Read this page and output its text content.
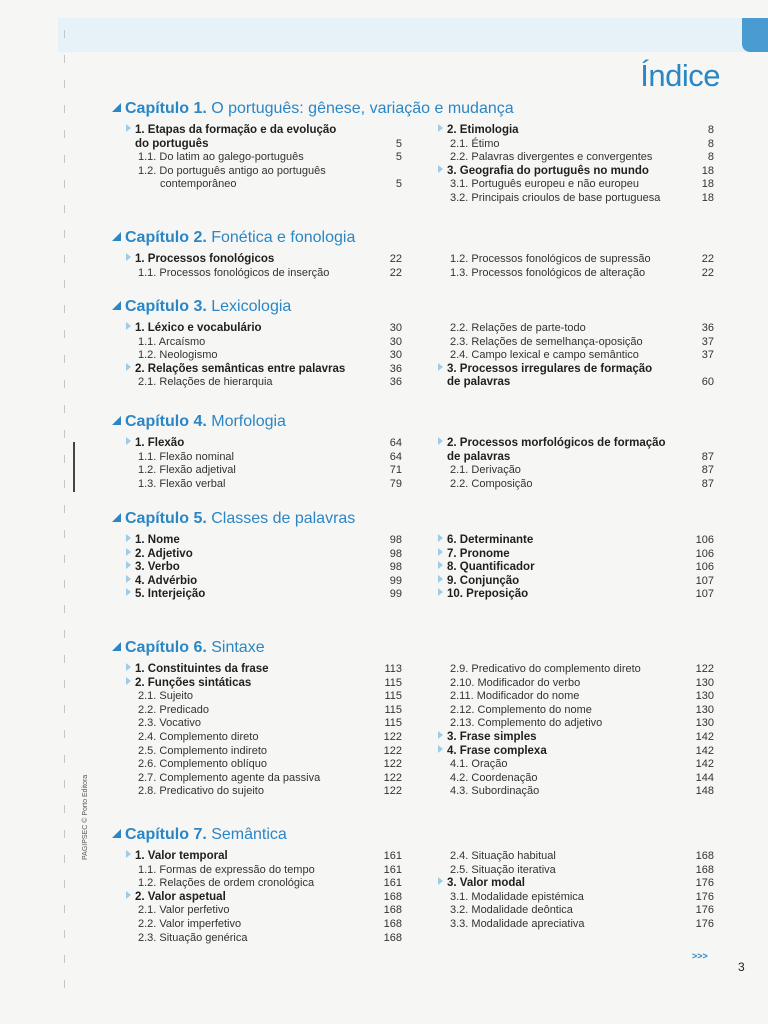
Índice
Capítulo 1. O português: gênese, variação e mudança
1. Etapas da formação e da evolução
do português	5
1.1. Do latim ao galego-português	5
1.2. Do português antigo ao português
contemporâneo	5
2. Etimologia	8
2.1. Étimo	8
2.2. Palavras divergentes e convergentes	8
3. Geografia do português no mundo	18
3.1. Português europeu e não europeu	18
3.2. Principais crioulos de base portuguesa	18
Capítulo 2. Fonética e fonologia
1. Processos fonológicos	22
1.1. Processos fonológicos de inserção	22
1.2. Processos fonológicos de supressão	22
1.3. Processos fonológicos de alteração	22
Capítulo 3. Lexicologia
1. Léxico e vocabulário	30
1.1. Arcaísmo	30
1.2. Neologismo	30
2. Relações semânticas entre palavras	36
2.1. Relações de hierarquia	36
2.2. Relações de parte-todo	36
2.3. Relações de semelhança-oposição	37
2.4. Campo lexical e campo semântico	37
3. Processos irregulares de formação
de palavras	60
Capítulo 4. Morfologia
1. Flexão	64
1.1. Flexão nominal	64
1.2. Flexão adjetival	71
1.3. Flexão verbal	79
2. Processos morfológicos de formação
de palavras	87
2.1. Derivação	87
2.2. Composição	87
Capítulo 5. Classes de palavras
1. Nome	98
2. Adjetivo	98
3. Verbo	98
4. Advérbio	99
5. Interjeição	99
6. Determinante	106
7. Pronome	106
8. Quantificador	106
9. Conjunção	107
10. Preposição	107
Capítulo 6. Sintaxe
1. Constituintes da frase	113
2. Funções sintáticas	115
2.1. Sujeito	115
2.2. Predicado	115
2.3. Vocativo	115
2.4. Complemento direto	122
2.5. Complemento indireto	122
2.6. Complemento oblíquo	122
2.7. Complemento agente da passiva	122
2.8. Predicativo do sujeito	122
2.9. Predicativo do complemento direto	122
2.10. Modificador do verbo	130
2.11. Modificador do nome	130
2.12. Complemento do nome	130
2.13. Complemento do adjetivo	130
3. Frase simples	142
4. Frase complexa	142
4.1. Oração	142
4.2. Coordenação	144
4.3. Subordinação	148
Capítulo 7. Semântica
1. Valor temporal	161
1.1. Formas de expressão do tempo	161
1.2. Relações de ordem cronológica	161
2. Valor aspetual	168
2.1. Valor perfetivo	168
2.2. Valor imperfetivo	168
2.3. Situação genérica	168
2.4. Situação habitual	168
2.5. Situação iterativa	168
3. Valor modal	176
3.1. Modalidade epistémica	176
3.2. Modalidade deôntica	176
3.3. Modalidade apreciativa	176
PAGIPSEC © Porto Editora
>>>
3
